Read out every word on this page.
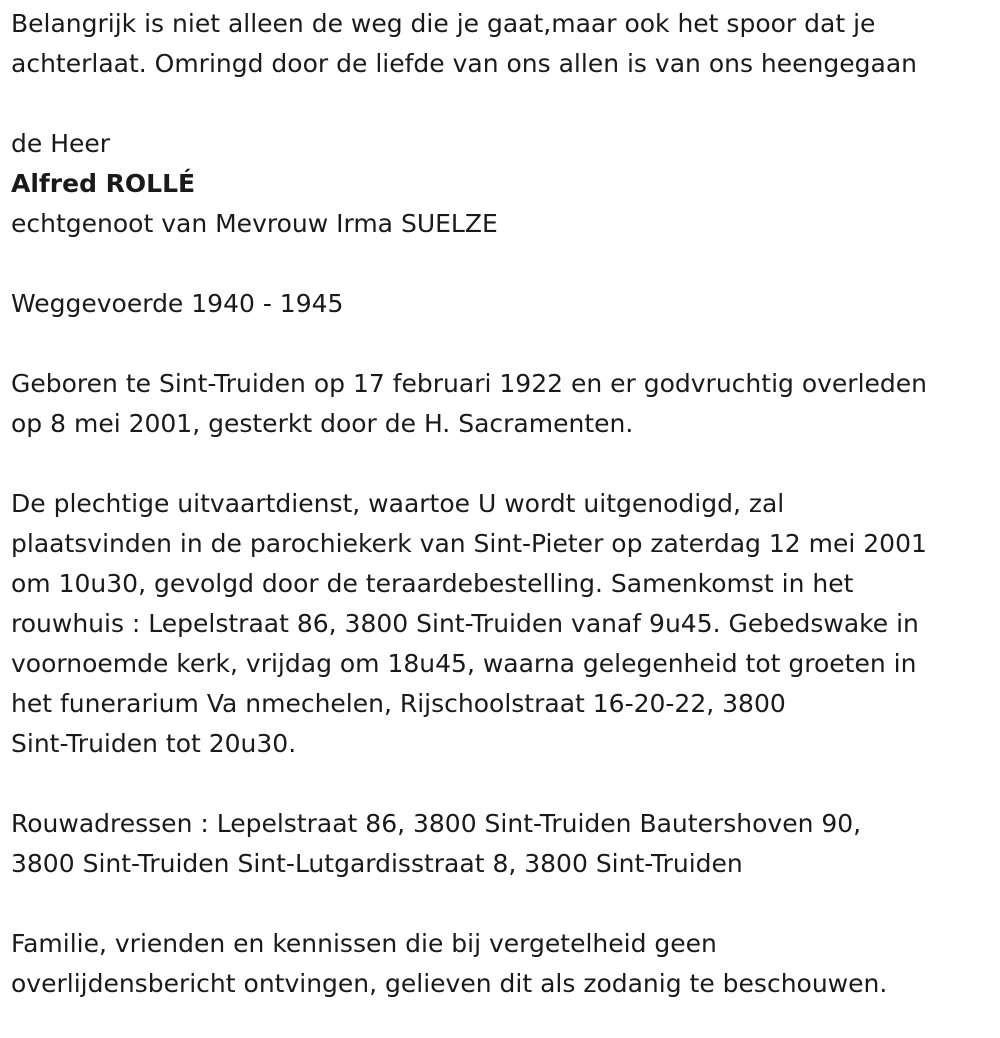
Belangrijk is niet alleen de weg die je gaat,maar ook het spoor dat je
achterlaat. Omringd door de liefde van ons allen is van ons heengegaan

de Heer
Alfred ROLLÉ
echtgenoot van Mevrouw Irma SUELZE

Weggevoerde 1940 - 1945

Geboren te Sint-Truiden op 17 februari 1922 en er godvruchtig overleden
op 8 mei 2001, gesterkt door de H. Sacramenten.

De plechtige uitvaartdienst, waartoe U wordt uitgenodigd, zal
plaatsvinden in de parochiekerk van Sint-Pieter op zaterdag 12 mei 2001
om 10u30, gevolgd door de teraardebestelling. Samenkomst in het
rouwhuis : Lepelstraat 86, 3800 Sint-Truiden vanaf 9u45. Gebedswake in
voornoemde kerk, vrijdag om 18u45, waarna gelegenheid tot groeten in
het funerarium Va nmechelen, Rijschoolstraat 16-20-22, 3800
Sint-Truiden tot 20u30.

Rouwadressen : Lepelstraat 86, 3800 Sint-Truiden Bautershoven 90,
3800 Sint-Truiden Sint-Lutgardisstraat 8, 3800 Sint-Truiden

Familie, vrienden en kennissen die bij vergetelheid geen
overlijdensbericht ontvingen, gelieven dit als zodanig te beschouwen.
